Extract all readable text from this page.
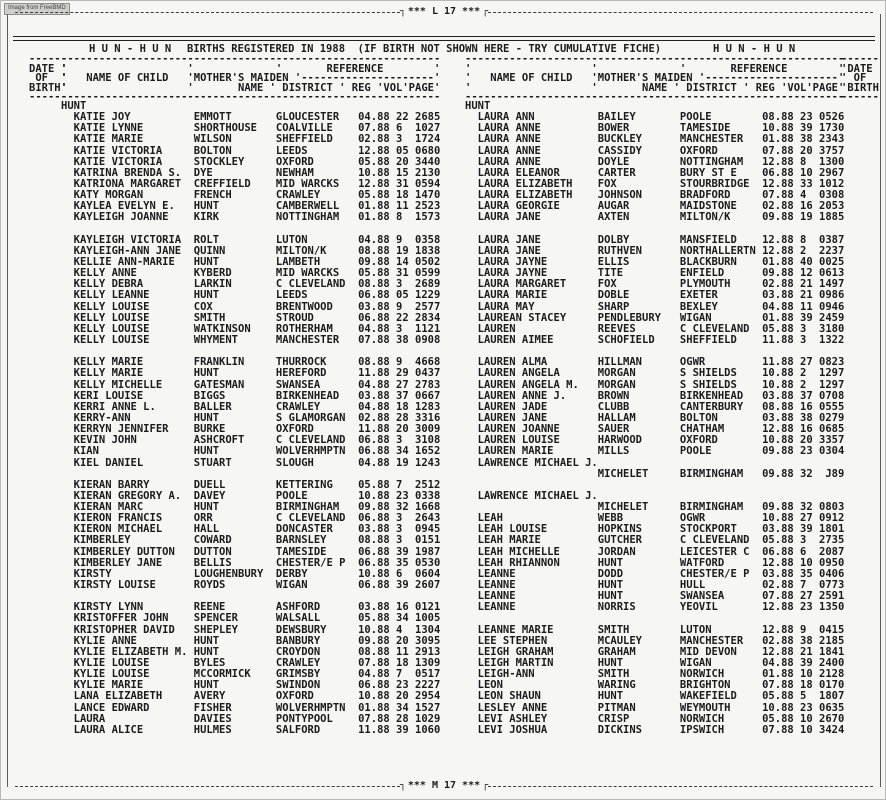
Image from FreeBMD	┐ *** L 17 *** ┌
H U N - H U N BIRTHS REGISTERED IN 1988  (IF BIRTH NOT SHOWN HERE - TRY CUMULATIVE FICHE)	H U N - H U N
------
DATE '
OF  '
BIRTH'
------
------------------------------------------------------------
'                   '             '       REFERENCE        '
'   NAME OF CHILD   'MOTHER'S MAIDEN '---------------------'
'                   '       NAME ' DISTRICT ' REG 'VOL'PAGE'
------------------------------------------------------------
------------------------------------------------------------
'                   '             '       REFERENCE        '
'   NAME OF CHILD   'MOTHER'S MAIDEN '---------------------'
'                   '       NAME ' DISTRICT ' REG 'VOL'PAGE'
------------------------------------------------------------
------
'DATE
' OF
'BIRTH
------
HUNT
KATIE JOY          EMMOTT       GLOUCESTER   04.88 22 2685
KATIE LYNNE        SHORTHOUSE   COALVILLE    07.88 6  1027
KATIE MARIE        WILSON       SHEFFIELD    02.88 3  1724
KATIE VICTORIA     BOLTON       LEEDS        12.88 05 0680
KATIE VICTORIA     STOCKLEY     OXFORD       05.88 20 3440
KATRINA BRENDA S.  DYE          NEWHAM       10.88 15 2130
KATRIONA MARGARET  CREFFIELD    MID WARCKS   12.88 31 0594
KATY MORGAN        FRENCH       CRAWLEY      05.88 18 1470
KAYLEA EVELYN E.   HUNT         CAMBERWELL   01.88 11 2523
KAYLEIGH JOANNE    KIRK         NOTTINGHAM   01.88 8  1573
KAYLEIGH VICTORIA  ROLT         LUTON        04.88 9  0358
KAYLEIGH-ANN JANE  QUINN        MILTON/K     08.88 19 1838
KELLIE ANN-MARIE   HUNT         LAMBETH      09.88 14 0502
KELLY ANNE         KYBERD       MID WARCKS   05.88 31 0599
KELLY DEBRA        LARKIN       C CLEVELAND  08.88 3  2689
KELLY LEANNE       HUNT         LEEDS        06.88 05 1229
KELLY LOUISE       COX          BRENTWOOD    03.88 9  2577
KELLY LOUISE       SMITH        STROUD       06.88 22 2834
KELLY LOUISE       WATKINSON    ROTHERHAM    04.88 3  1121
KELLY LOUISE       WHYMENT      MANCHESTER   07.88 38 0908
KELLY MARIE        FRANKLIN     THURROCK     08.88 9  4668
KELLY MARIE        HUNT         HEREFORD     11.88 29 0437
KELLY MICHELLE     GATESMAN     SWANSEA      04.88 27 2783
KERI LOUISE        BIGGS        BIRKENHEAD   03.88 37 0667
KERRI ANNE L.      BALLER       CRAWLEY      04.88 18 1283
KERRY-ANN          HUNT         S GLAMORGAN  02.88 28 3316
KERRYN JENNIFER    BURKE        OXFORD       11.88 20 3009
KEVIN JOHN         ASHCROFT     C CLEVELAND  06.88 3  3108
KIAN               HUNT         WOLVERHMPTN  06.88 34 1652
KIEL DANIEL        STUART       SLOUGH       04.88 19 1243
KIERAN BARRY       DUELL        KETTERING    05.88 7  2512
KIERAN GREGORY A.  DAVEY        POOLE        10.88 23 0338
KIERAN MARC        HUNT         BIRMINGHAM   09.88 32 1668
KIERON FRANCIS     ORR          C CLEVELAND  06.88 3  2643
KIERON MICHAEL     HALL         DONCASTER    03.88 3  0945
KIMBERLEY          COWARD       BARNSLEY     08.88 3  0151
KIMBERLEY DUTTON   DUTTON       TAMESIDE     06.88 39 1987
KIMBERLEY JANE     BELLIS       CHESTER/E P  06.88 35 0530
KIRSTY             LOUGHENBURY  DERBY        10.88 6  0604
KIRSTY LOUISE      ROYDS        WIGAN        06.88 39 2607
KIRSTY LYNN        REENE        ASHFORD      03.88 16 0121
KRISTOFFER JOHN    SPENCER      WALSALL      05.88 34 1005
KRISTOPHER DAVID   SHEPLEY      DEWSBURY     10.88 4  1304
KYLIE ANNE         HUNT         BANBURY      09.88 20 3095
KYLIE ELIZABETH M. HUNT         CROYDON      08.88 11 2913
KYLIE LOUISE       BYLES        CRAWLEY      07.88 18 1309
KYLIE LOUISE       MCCORMICK    GRIMSBY      04.88 7  0517
KYLIE MARIE        HUNT         SWINDON      06.88 23 2227
LANA ELIZABETH     AVERY        OXFORD       10.88 20 2954
LANCE EDWARD       FISHER       WOLVERHMPTN  01.88 34 1527
LAURA              DAVIES       PONTYPOOL    07.88 28 1029
LAURA ALICE        HULMES       SALFORD      11.88 39 1060
HUNT
LAURA ANN          BAILEY       POOLE        08.88 23 0526
LAURA ANNE         BOWER        TAMESIDE     10.88 39 1730
LAURA ANNE         BUCKLEY      MANCHESTER   01.88 38 2343
LAURA ANNE         CASSIDY      OXFORD       07.88 20 3757
LAURA ANNE         DOYLE        NOTTINGHAM   12.88 8  1300
LAURA ELEANOR      CARTER       BURY ST E    06.88 10 2967
LAURA ELIZABETH    FOX          STOURBRIDGE  12.88 33 1012
LAURA ELIZABETH    JOHNSON      BRADFORD     07.88 4  0308
LAURA GEORGIE      AUGAR        MAIDSTONE    02.88 16 2053
LAURA JANE         AXTEN        MILTON/K     09.88 19 1885
LAURA JANE         DOLBY        MANSFIELD    12.88 8  0387
LAURA JANE         RUTHVEN      NORTHALLERTN 12.88 2  2237
LAURA JAYNE        ELLIS        BLACKBURN    01.88 40 0025
LAURA JAYNE        TITE         ENFIELD      09.88 12 0613
LAURA MARGARET     FOX          PLYMOUTH     02.88 21 1497
LAURA MARIE        DOBLE        EXETER       03.88 21 0986
LAURA MAY          SHARP        BEXLEY       04.88 11 0946
LAUREAN STACEY     PENDLEBURY   WIGAN        01.88 39 2459
LAUREN             REEVES       C CLEVELAND  05.88 3  3180
LAUREN AIMEE       SCHOFIELD    SHEFFIELD    11.88 3  1322
LAUREN ALMA        HILLMAN      OGWR         11.88 27 0823
LAUREN ANGELA      MORGAN       S SHIELDS    10.88 2  1297
LAUREN ANGELA M.   MORGAN       S SHIELDS    10.88 2  1297
LAUREN ANNE J.     BROWN        BIRKENHEAD   03.88 37 0708
LAUREN JADE        CLUBB        CANTERBURY   08.88 16 0555
LAUREN JANE        HALLAM       BOLTON       03.88 38 0279
LAUREN JOANNE      SAUER        CHATHAM      12.88 16 0685
LAUREN LOUISE      HARWOOD      OXFORD       10.88 20 3357
LAUREN MARIE       MILLS        POOLE        09.88 23 0304
LAWRENCE MICHAEL J.
MICHELET     BIRMINGHAM   09.88 32  J89
LAWRENCE MICHAEL J.
MICHELET     BIRMINGHAM   09.88 32 0803
LEAH               WEBB         OGWR         10.88 27 0912
LEAH LOUISE        HOPKINS      STOCKPORT    03.88 39 1801
LEAH MARIE         GUTCHER      C CLEVELAND  05.88 3  2735
LEAH MICHELLE      JORDAN       LEICESTER C  06.88 6  2087
LEAH RHIANNON      HUNT         WATFORD      12.88 10 0950
LEANNE             DODD         CHESTER/E P  03.88 35 0406
LEANNE             HUNT         HULL         02.88 7  0773
LEANNE             HUNT         SWANSEA      07.88 27 2591
LEANNE             NORRIS       YEOVIL       12.88 23 1350
LEANNE MARIE       SMITH        LUTON        12.88 9  0415
LEE STEPHEN        MCAULEY      MANCHESTER   02.88 38 2185
LEIGH GRAHAM       GRAHAM       MID DEVON    12.88 21 1841
LEIGH MARTIN       HUNT         WIGAN        04.88 39 2400
LEIGH-ANN          SMITH        NORWICH      01.88 10 2128
LEON               WARING       BRIGHTON     07.88 18 0170
LEON SHAUN         HUNT         WAKEFIELD    05.88 5  1807
LESLEY ANNE        PITMAN       WEYMOUTH     10.88 23 0635
LEVI ASHLEY        CRISP        NORWICH      05.88 10 2670
LEVI JOSHUA        DICKINS      IPSWICH      07.88 10 3424
┐ *** M 17 *** ┌
